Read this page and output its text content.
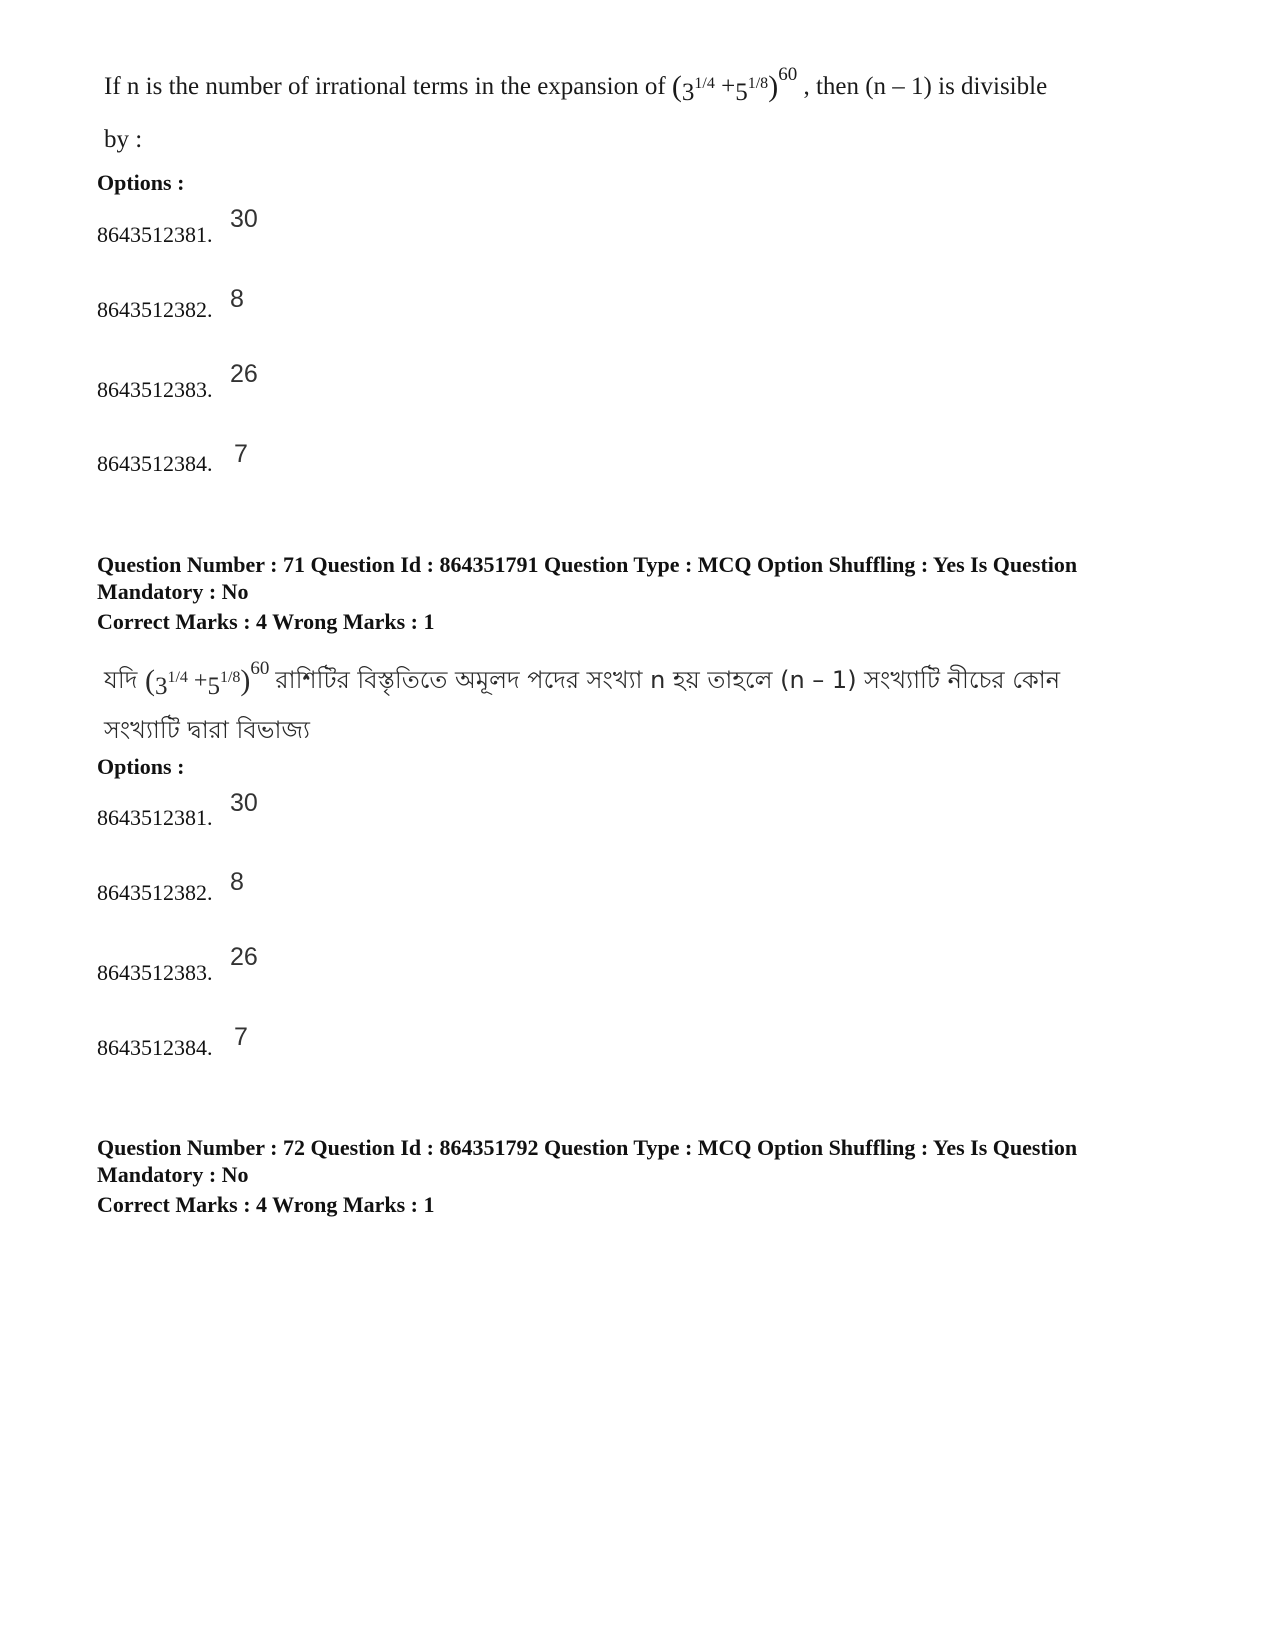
If n is the number of irrational terms in the expansion of $(3^{1/4} +5^{1/8})^{60}$ , then (n – 1) is divisible
by :
Options :
8643512381.
30
8643512382. 8
8643512383.
26
8643512384. 7
Question Number : 71 Question Id : 864351791 Question Type : MCQ Option Shuffling : Yes Is Question Mandatory : No
Correct Marks : 4 Wrong Marks : 1
যদি $(3^{1/4} +5^{1/8})^{60}$ রাশিটির বিস্তৃতিতে অমূলদ পদের সংখ্যা n হয় তাহলে (n – 1) সংখ্যাটি নীচের কোন
সংখ্যাটি দ্বারা বিভাজ্য
Options :
8643512381.
30
8643512382. 8
8643512383.
26
8643512384. 7
Question Number : 72 Question Id : 864351792 Question Type : MCQ Option Shuffling : Yes Is Question Mandatory : No
Correct Marks : 4 Wrong Marks : 1
